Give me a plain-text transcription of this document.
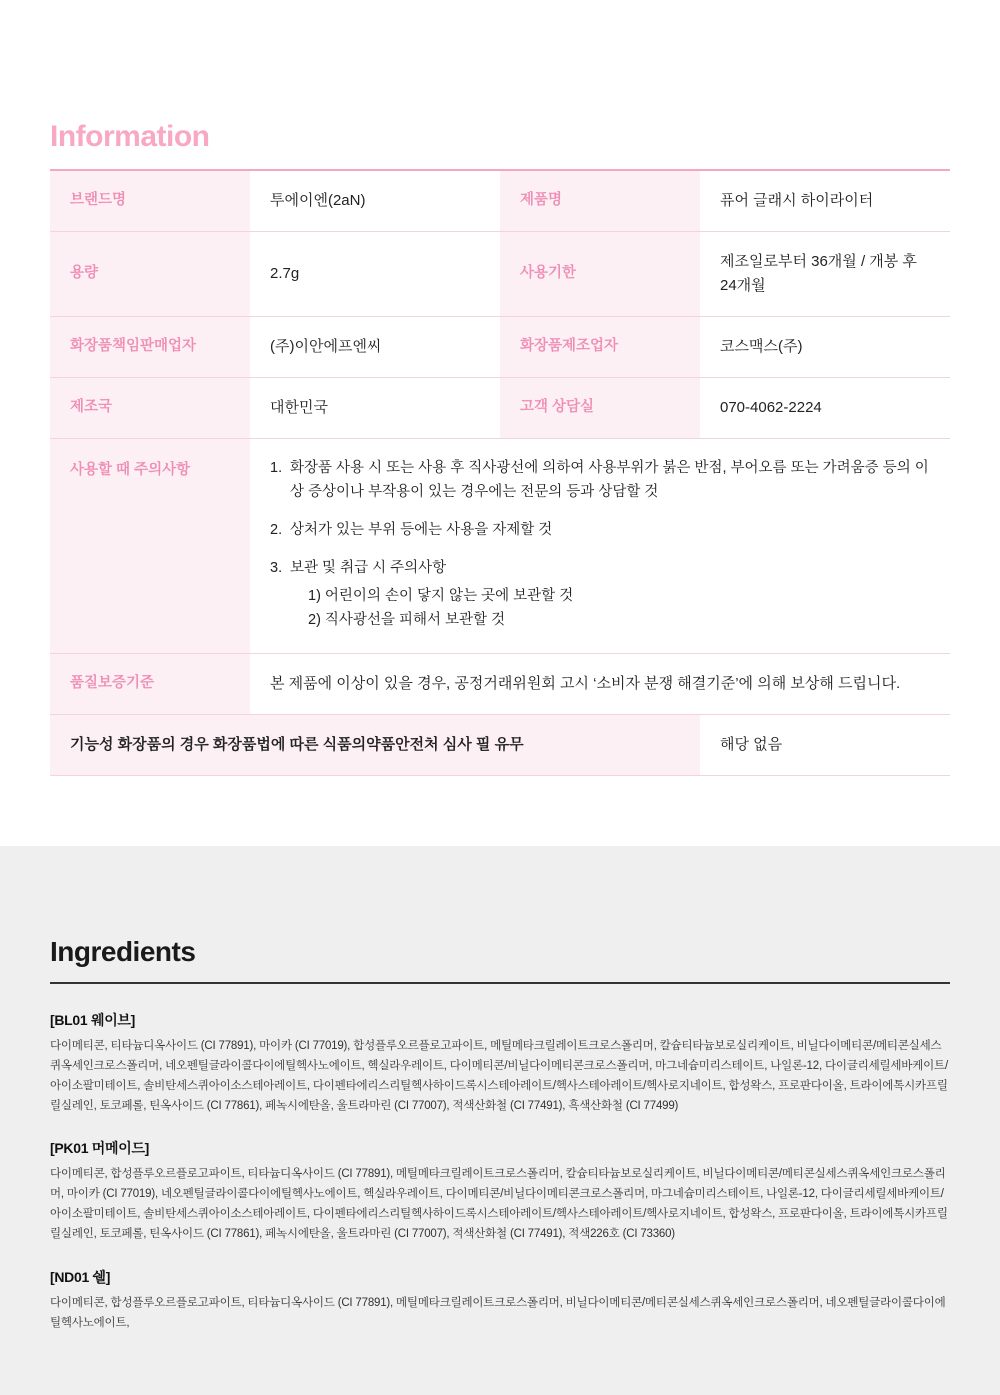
Information
브랜드명	투에이엔(2aN)	제품명	퓨어 글래시 하이라이터
용량	2.7g	사용기한	제조일로부터 36개월 / 개봉 후 24개월
화장품책임판매업자	(주)이안에프엔씨	화장품제조업자	코스맥스(주)
제조국	대한민국	고객 상담실	070-4062-2224
사용할 때 주의사항	1. 화장품 사용 시 또는 사용 후 직사광선에 의하여 사용부위가 붉은 반점, 부어오름 또는 가려움증 등의 이상 증상이나 부작용이 있는 경우에는 전문의 등과 상담할 것
2. 상처가 있는 부위 등에는 사용을 자제할 것
3. 보관 및 취급 시 주의사항
1) 어린이의 손이 닿지 않는 곳에 보관할 것
2) 직사광선을 피해서 보관할 것

품질보증기준	본 제품에 이상이 있을 경우, 공정거래위원회 고시 ‘소비자 분쟁 해결기준’에 의해 보상해 드립니다.		
기능성 화장품의 경우 화장품법에 따른 식품의약품안전처 심사 필 유무			해당 없음
Ingredients
[BL01 웨이브]
다이메티콘, 티타늄디옥사이드 (CI 77891), 마이카 (CI 77019), 합성플루오르플로고파이트, 메틸메타크릴레이트크로스폴리머, 칼슘티타늄보로실리케이트, 비닐다이메티콘/메티콘실세스퀴옥세인크로스폴리머, 네오펜틸글라이콜다이에틸헥사노에이트, 헥실라우레이트, 다이메티콘/비닐다이메티콘크로스폴리머, 마그네슘미리스테이트, 나일론-12, 다이글리세릴세바케이트/아이소팔미테이트, 솔비탄세스퀴아이소스테아레이트, 다이펜타에리스리틸헥사하이드록시스테아레이트/헥사스테아레이트/헥사로지네이트, 합성왁스, 프로판다이올, 트라이에톡시카프릴릴실레인, 토코페롤, 틴옥사이드 (CI 77861), 페녹시에탄올, 울트라마린 (CI 77007), 적색산화철 (CI 77491), 흑색산화철 (CI 77499)
[PK01 머메이드]
다이메티콘, 합성플루오르플로고파이트, 티타늄디옥사이드 (CI 77891), 메틸메타크릴레이트크로스폴리머, 칼슘티타늄보로실리케이트, 비닐다이메티콘/메티콘실세스퀴옥세인크로스폴리머, 마이카 (CI 77019), 네오펜틸글라이콜다이에틸헥사노에이트, 헥실라우레이트, 다이메티콘/비닐다이메티콘크로스폴리머, 마그네슘미리스테이트, 나일론-12, 다이글리세릴세바케이트/아이소팔미테이트, 솔비탄세스퀴아이소스테아레이트, 다이펜타에리스리틸헥사하이드록시스테아레이트/헥사스테아레이트/헥사로지네이트, 합성왁스, 프로판다이올, 트라이에톡시카프릴릴실레인, 토코페롤, 틴옥사이드 (CI 77861), 페녹시에탄올, 울트라마린 (CI 77007), 적색산화철 (CI 77491), 적색226호 (CI 73360)
[ND01 쉘]
다이메티콘, 합성플루오르플로고파이트, 티타늄디옥사이드 (CI 77891), 메틸메타크릴레이트크로스폴리머, 비닐다이메티콘/메티콘실세스퀴옥세인크로스폴리머, 네오펜틸글라이콜다이에틸헥사노에이트,
